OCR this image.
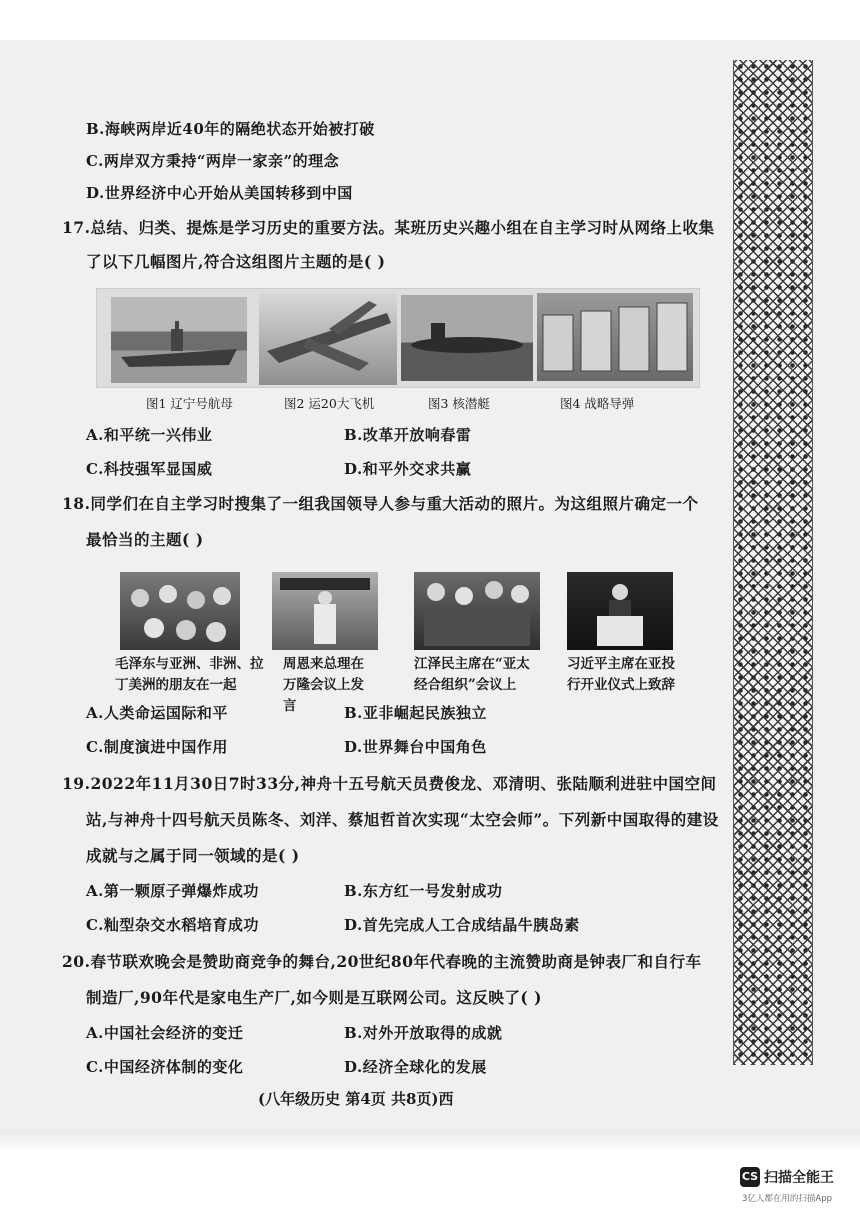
B.海峡两岸近40年的隔绝状态开始被打破
C.两岸双方秉持“两岸一家亲”的理念
D.世界经济中心开始从美国转移到中国
17.总结、归类、提炼是学习历史的重要方法。某班历史兴趣小组在自主学习时从网络上收集
了以下几幅图片,符合这组图片主题的是( )
图1 辽宁号航母	图2 运20大飞机	图3 核潜艇	图4 战略导弹
A.和平统一兴伟业	B.改革开放响春雷
C.科技强军显国威	D.和平外交求共赢
18.同学们在自主学习时搜集了一组我国领导人参与重大活动的照片。为这组照片确定一个
最恰当的主题( )
毛泽东与亚洲、非洲、拉丁美洲的朋友在一起
周恩来总理在万隆会议上发言
江泽民主席在“亚太经合组织”会议上
习近平主席在亚投行开业仪式上致辞
A.人类命运国际和平	B.亚非崛起民族独立
C.制度演进中国作用	D.世界舞台中国角色
19.2022年11月30日7时33分,神舟十五号航天员费俊龙、邓清明、张陆顺利进驻中国空间
站,与神舟十四号航天员陈冬、刘洋、蔡旭哲首次实现“太空会师”。下列新中国取得的建设
成就与之属于同一领域的是( )
A.第一颗原子弹爆炸成功	B.东方红一号发射成功
C.籼型杂交水稻培育成功	D.首先完成人工合成结晶牛胰岛素
20.春节联欢晚会是赞助商竞争的舞台,20世纪80年代春晚的主流赞助商是钟表厂和自行车
制造厂,90年代是家电生产厂,如今则是互联网公司。这反映了( )
A.中国社会经济的变迁	B.对外开放取得的成就
C.中国经济体制的变化	D.经济全球化的发展
(八年级历史 第4页 共8页)西
CS 扫描全能王
3亿人都在用的扫描App
